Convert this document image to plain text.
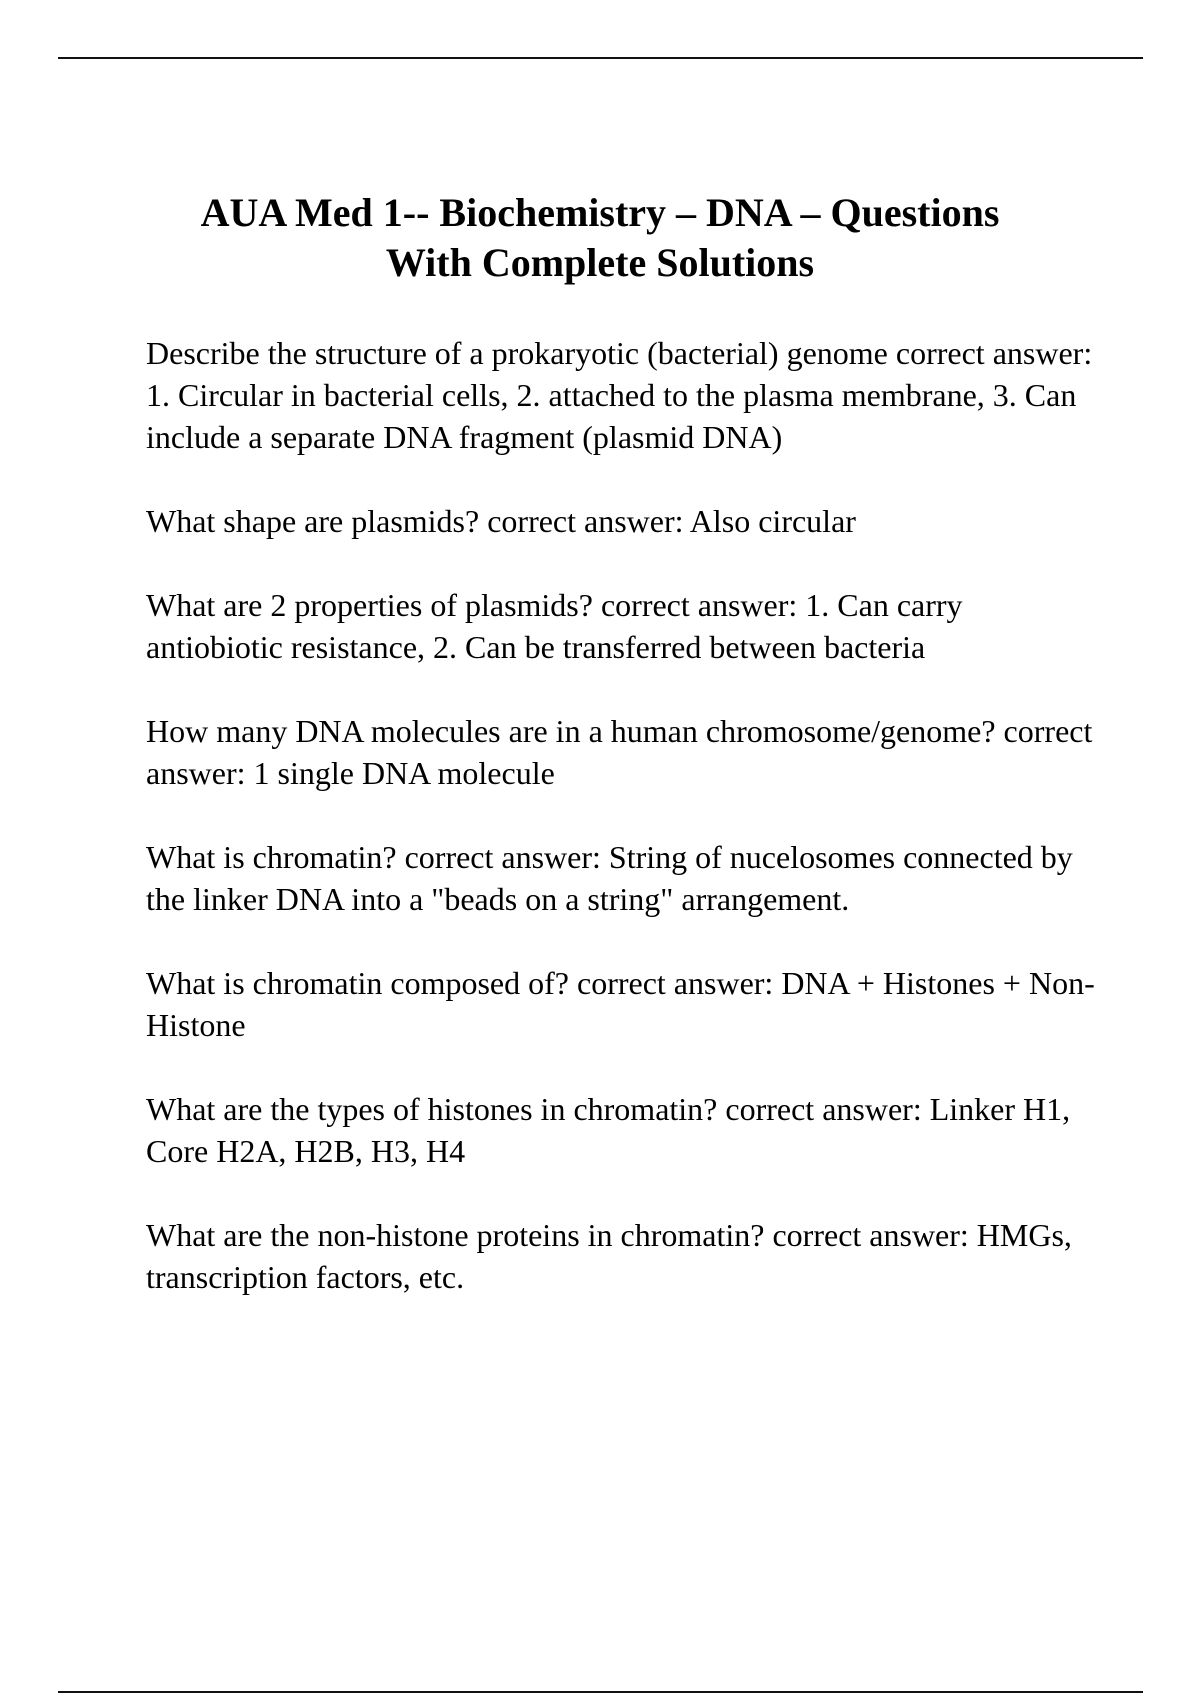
AUA Med 1-- Biochemistry – DNA – Questions
With Complete Solutions

Describe the structure of a prokaryotic (bacterial) genome correct answer: 1. Circular in bacterial cells, 2. attached to the plasma membrane, 3. Can include a separate DNA fragment (plasmid DNA)

What shape are plasmids? correct answer: Also circular

What are 2 properties of plasmids? correct answer: 1. Can carry antiobiotic resistance, 2. Can be transferred between bacteria

How many DNA molecules are in a human chromosome/genome? correct answer: 1 single DNA molecule

What is chromatin? correct answer: String of nucelosomes connected by the linker DNA into a "beads on a string" arrangement.

What is chromatin composed of? correct answer: DNA + Histones + Non-Histone

What are the types of histones in chromatin? correct answer: Linker H1, Core H2A, H2B, H3, H4

What are the non-histone proteins in chromatin? correct answer: HMGs, transcription factors, etc.
